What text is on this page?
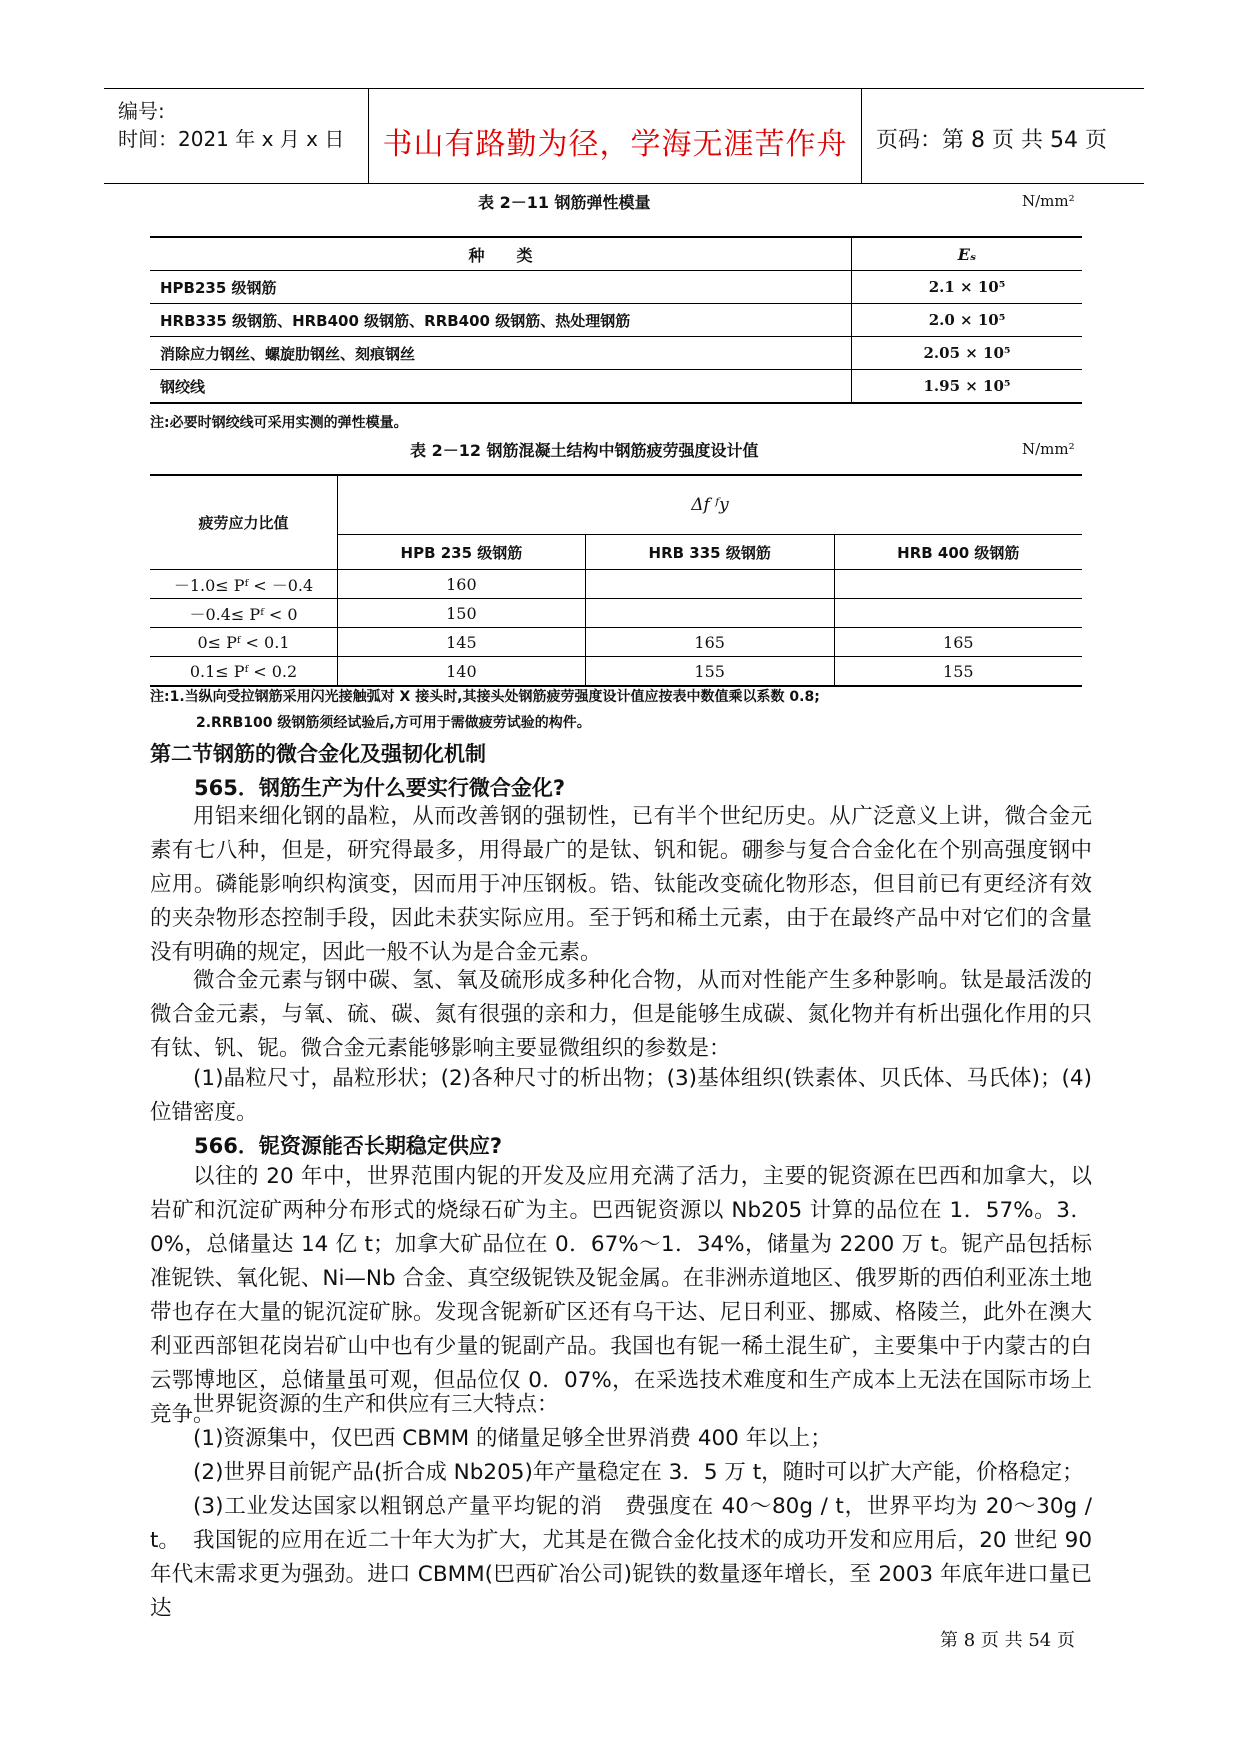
编号:
时间：2021 年 x 月 x 日	书山有路勤为径，学海无涯苦作舟	页码：第 8 页 共 54 页
表 2－11 钢筋弹性模量	N/mm²
种　　类	Eₛ
HPB235 级钢筋	2.1 × 10⁵
HRB335 级钢筋、HRB400 级钢筋、RRB400 级钢筋、热处理钢筋	2.0 × 10⁵
消除应力钢丝、螺旋肋钢丝、刻痕钢丝	2.05 × 10⁵
钢绞线	1.95 × 10⁵
注:必要时钢绞线可采用实测的弹性模量。
表 2－12 钢筋混凝土结构中钢筋疲劳强度设计值	N/mm²
疲劳应力比值	Δf ᶠy		
	HPB 235 级钢筋	HRB 335 级钢筋	HRB 400 级钢筋
－1.0≤ Pᶠ < －0.4	160		
－0.4≤ Pᶠ < 0	150		
0≤ Pᶠ < 0.1	145	165	165
0.1≤ Pᶠ < 0.2	140	155	155
注:1.当纵向受拉钢筋采用闪光接触弧对 X 接头时,其接头处钢筋疲劳强度设计值应按表中数值乘以系数 0.8;
2.RRB100 级钢筋须经试验后,方可用于需做疲劳试验的构件。
第二节钢筋的微合金化及强韧化机制
565．钢筋生产为什么要实行微合金化?
用铝来细化钢的晶粒，从而改善钢的强韧性，已有半个世纪历史。从广泛意义上讲，微合金元素有七八种，但是，研究得最多，用得最广的是钛、钒和铌。硼参与复合合金化在个别高强度钢中应用。磷能影响织构演变，因而用于冲压钢板。锆、钛能改变硫化物形态，但目前已有更经济有效的夹杂物形态控制手段，因此未获实际应用。至于钙和稀土元素，由于在最终产品中对它们的含量没有明确的规定，因此一般不认为是合金元素。
微合金元素与钢中碳、氢、氧及硫形成多种化合物，从而对性能产生多种影响。钛是最活泼的微合金元素，与氧、硫、碳、氮有很强的亲和力，但是能够生成碳、氮化物并有析出强化作用的只有钛、钒、铌。微合金元素能够影响主要显微组织的参数是：
(1)晶粒尺寸，晶粒形状；(2)各种尺寸的析出物；(3)基体组织(铁素体、贝氏体、马氏体)；(4)位错密度。
566．铌资源能否长期稳定供应?
以往的 20 年中，世界范围内铌的开发及应用充满了活力，主要的铌资源在巴西和加拿大，以岩矿和沉淀矿两种分布形式的烧绿石矿为主。巴西铌资源以 Nb205 计算的品位在 1．57%。3．0%，总储量达 14 亿 t；加拿大矿品位在 0．67%～1．34%，储量为 2200 万 t。铌产品包括标准铌铁、氧化铌、Ni—Nb 合金、真空级铌铁及铌金属。在非洲赤道地区、俄罗斯的西伯利亚冻土地带也存在大量的铌沉淀矿脉。发现含铌新矿区还有乌干达、尼日利亚、挪威、格陵兰，此外在澳大利亚西部钽花岗岩矿山中也有少量的铌副产品。我国也有铌一稀土混生矿，主要集中于内蒙古的白云鄂博地区，总储量虽可观，但品位仅 0．07%，在采选技术难度和生产成本上无法在国际市场上竞争。
世界铌资源的生产和供应有三大特点：
(1)资源集中，仅巴西 CBMM 的储量足够全世界消费 400 年以上；
(2)世界目前铌产品(折合成 Nb205)年产量稳定在 3．5 万 t，随时可以扩大产能，价格稳定；
(3)工业发达国家以粗钢总产量平均铌的消　费强度在 40～80g / t，世界平均为 20～30g / t。 我国铌的应用在近二十年大为扩大，尤其是在微合金化技术的成功开发和应用后，20 世纪 90 年代末需求更为强劲。进口 CBMM(巴西矿冶公司)铌铁的数量逐年增长，至 2003 年底年进口量已达
第 8 页 共 54 页
